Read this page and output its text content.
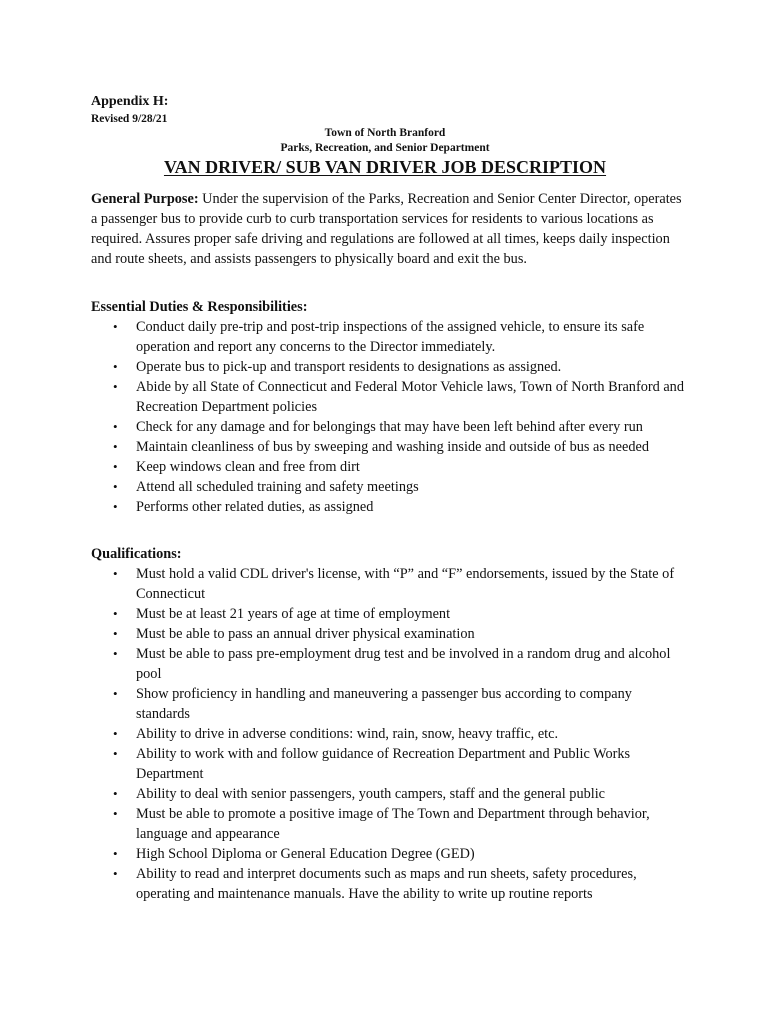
Appendix H:
Revised 9/28/21
Town of North Branford
Parks, Recreation, and Senior Department
VAN DRIVER/ SUB VAN DRIVER JOB DESCRIPTION

General Purpose: Under the supervision of the Parks, Recreation and Senior Center Director, operates a passenger bus to provide curb to curb transportation services for residents to various locations as required. Assures proper safe driving and regulations are followed at all times, keeps daily inspection and route sheets, and assists passengers to physically board and exit the bus.

Essential Duties & Responsibilities:

• Conduct daily pre-trip and post-trip inspections of the assigned vehicle, to ensure its safe operation and report any concerns to the Director immediately.
• Operate bus to pick-up and transport residents to designations as assigned.
• Abide by all State of Connecticut and Federal Motor Vehicle laws, Town of North Branford and Recreation Department policies
• Check for any damage and for belongings that may have been left behind after every run
• Maintain cleanliness of bus by sweeping and washing inside and outside of bus as needed
• Keep windows clean and free from dirt
• Attend all scheduled training and safety meetings
• Performs other related duties, as assigned

Qualifications:

• Must hold a valid CDL driver's license, with “P” and “F” endorsements, issued by the State of Connecticut
• Must be at least 21 years of age at time of employment
• Must be able to pass an annual driver physical examination
• Must be able to pass pre-employment drug test and be involved in a random drug and alcohol pool
• Show proficiency in handling and maneuvering a passenger bus according to company standards
• Ability to drive in adverse conditions: wind, rain, snow, heavy traffic, etc.
• Ability to work with and follow guidance of Recreation Department and Public Works Department
• Ability to deal with senior passengers, youth campers, staff and the general public
• Must be able to promote a positive image of The Town and Department through behavior, language and appearance
• High School Diploma or General Education Degree (GED)
• Ability to read and interpret documents such as maps and run sheets, safety procedures, operating and maintenance manuals. Have the ability to write up routine reports
